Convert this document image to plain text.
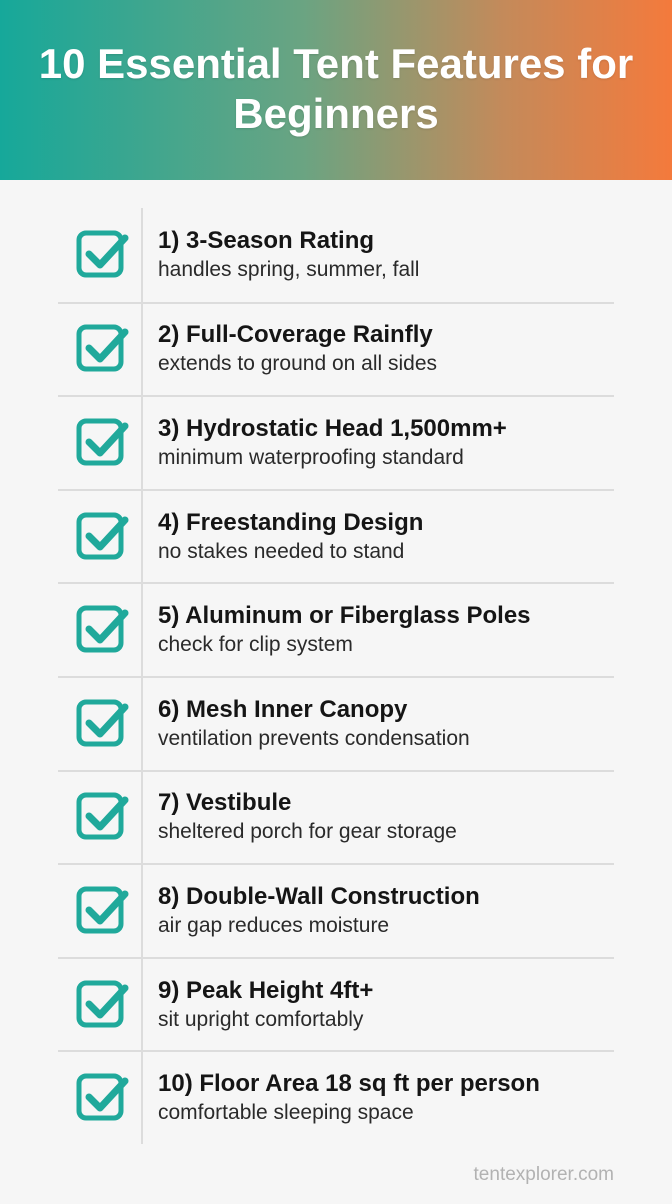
10 Essential Tent Features for Beginners
1) 3-Season Rating
handles spring, summer, fall
2) Full-Coverage Rainfly
extends to ground on all sides
3) Hydrostatic Head 1,500mm+
minimum waterproofing standard
4) Freestanding Design
no stakes needed to stand
5) Aluminum or Fiberglass Poles
check for clip system
6) Mesh Inner Canopy
ventilation prevents condensation
7) Vestibule
sheltered porch for gear storage
8) Double-Wall Construction
air gap reduces moisture
9) Peak Height 4ft+
sit upright comfortably
10) Floor Area 18 sq ft per person
comfortable sleeping space
tentexplorer.com
